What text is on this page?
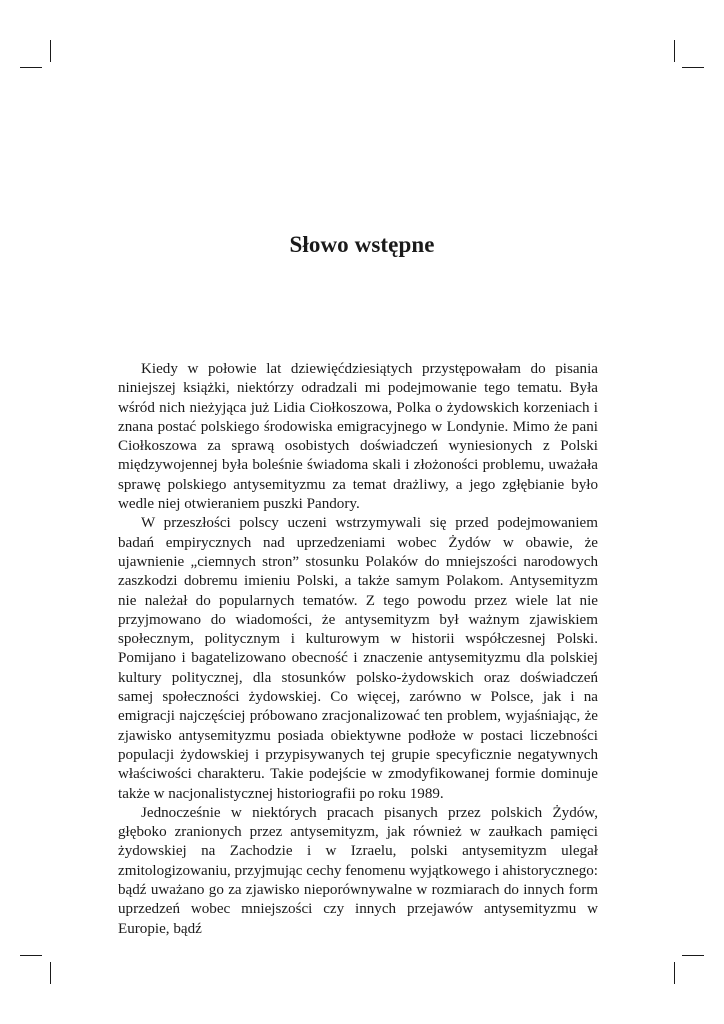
Słowo wstępne

Kiedy w połowie lat dziewięćdziesiątych przystępowałam do pisania niniejszej książki, niektórzy odradzali mi podejmowanie tego tematu. Była wśród nich nieżyjąca już Lidia Ciołkoszowa, Polka o żydowskich korzeniach i znana postać polskiego środowiska emigracyjnego w Londynie. Mimo że pani Ciołkoszowa za sprawą osobistych doświadczeń wyniesionych z Polski międzywojennej była boleśnie świadoma skali i złożoności problemu, uważała sprawę polskiego antysemityzmu za temat drażliwy, a jego zgłębianie było wedle niej otwieraniem puszki Pandory.

W przeszłości polscy uczeni wstrzymywali się przed podejmowaniem badań empirycznych nad uprzedzeniami wobec Żydów w obawie, że ujawnienie „ciemnych stron” stosunku Polaków do mniejszości narodowych zaszkodzi dobremu imieniu Polski, a także samym Polakom. Antysemityzm nie należał do popularnych tematów. Z tego powodu przez wiele lat nie przyjmowano do wiadomości, że antysemityzm był ważnym zjawiskiem społecznym, politycznym i kulturowym w historii współczesnej Polski. Pomijano i bagatelizowano obecność i znaczenie antysemityzmu dla polskiej kultury politycznej, dla stosunków polsko-żydowskich oraz doświadczeń samej społeczności żydowskiej. Co więcej, zarówno w Polsce, jak i na emigracji najczęściej próbowano zracjonalizować ten problem, wyjaśniając, że zjawisko antysemityzmu posiada obiektywne podłoże w postaci liczebności populacji żydowskiej i przypisywanych tej grupie specyficznie negatywnych właściwości charakteru. Takie podejście w zmodyfikowanej formie dominuje także w nacjonalistycznej historiografii po roku 1989.

Jednocześnie w niektórych pracach pisanych przez polskich Żydów, głęboko zranionych przez antysemityzm, jak również w zaułkach pamięci żydowskiej na Zachodzie i w Izraelu, polski antysemityzm ulegał zmitologizowaniu, przyjmując cechy fenomenu wyjątkowego i ahistorycznego: bądź uważano go za zjawisko nieporównywalne w rozmiarach do innych form uprzedzeń wobec mniejszości czy innych przejawów antysemityzmu w Europie, bądź
